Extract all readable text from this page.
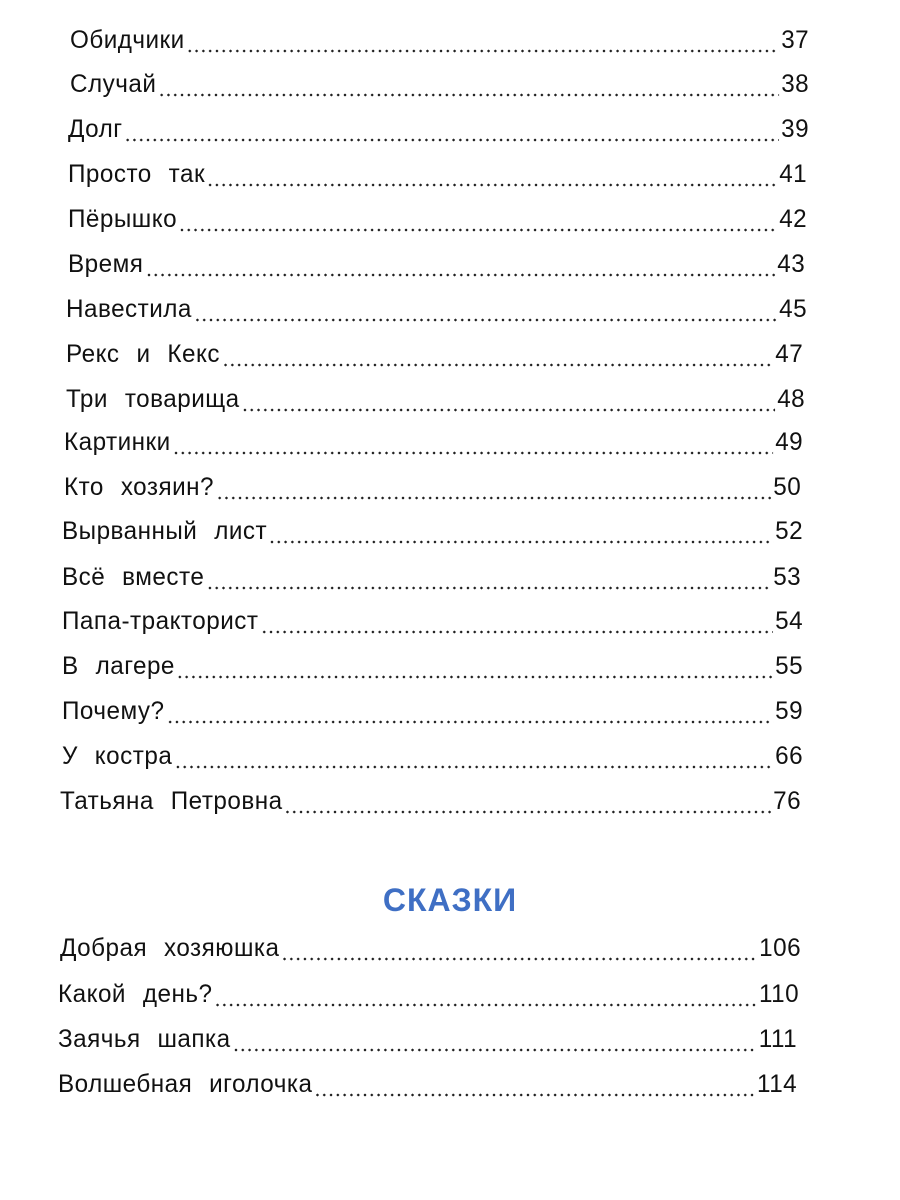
Обидчики	37
Случай	38
Долг	39
Просто так	41
Пёрышко	42
Время	43
Навестила	45
Рекс и Кекс	47
Три товарища	48
Картинки	49
Кто хозяин?	50
Вырванный лист	52
Всё вместе	53
Папа-тракторист	54
В лагере	55
Почему?	59
У костра	66
Татьяна Петровна	76
Добрая хозяюшка	106
Какой день?	110
Заячья шапка	111
Волшебная иголочка	114
СКАЗКИ
